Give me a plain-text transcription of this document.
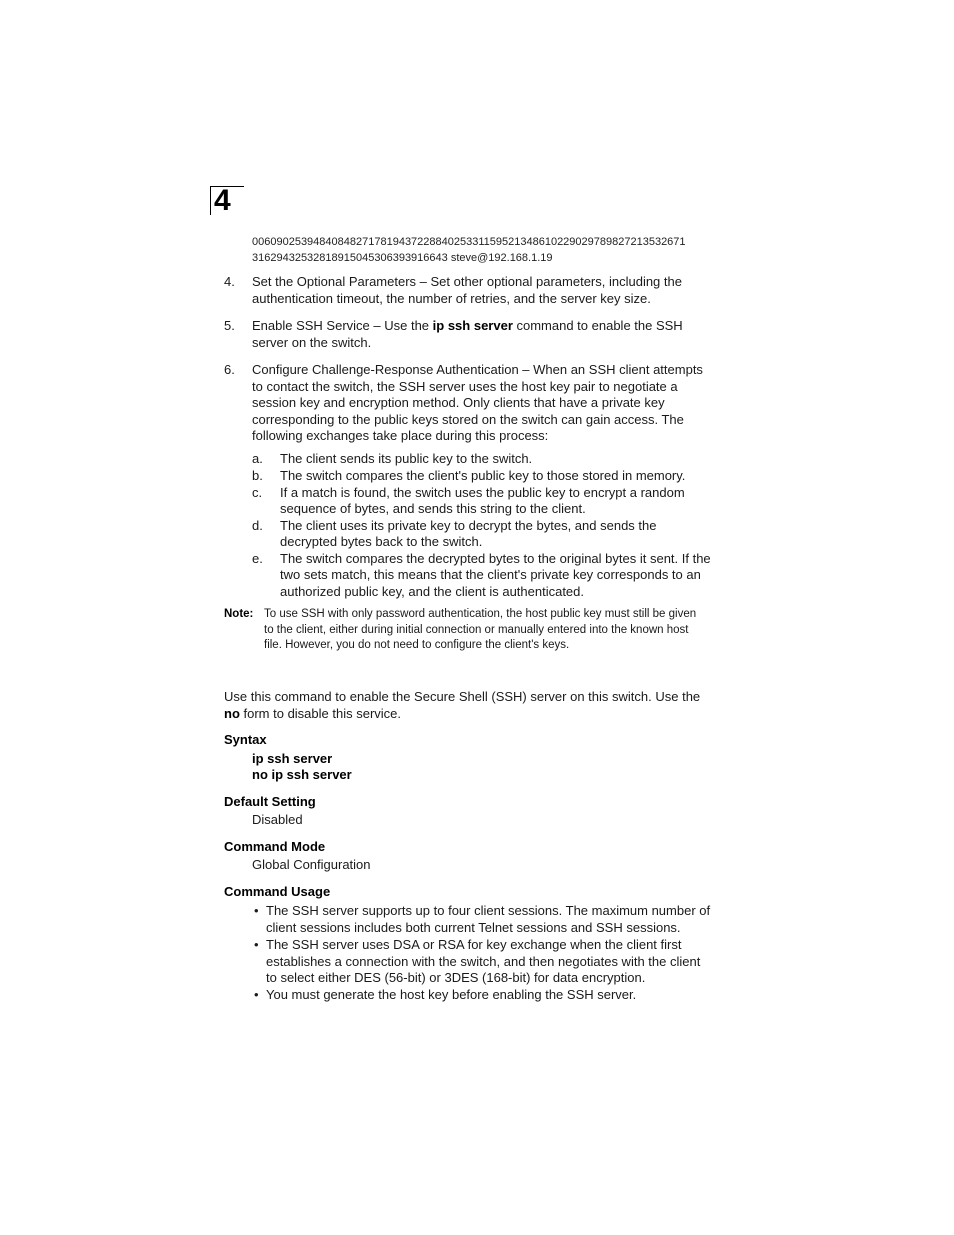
4
00609025394840848271781943722884025331159521348610229029789827213532671
31629432532818915045306393916643 steve@192.168.1.19
4. Set the Optional Parameters – Set other optional parameters, including the authentication timeout, the number of retries, and the server key size.
5. Enable SSH Service – Use the ip ssh server command to enable the SSH server on the switch.
6. Configure Challenge-Response Authentication – When an SSH client attempts to contact the switch, the SSH server uses the host key pair to negotiate a session key and encryption method. Only clients that have a private key corresponding to the public keys stored on the switch can gain access. The following exchanges take place during this process:
a. The client sends its public key to the switch.
b. The switch compares the client's public key to those stored in memory.
c. If a match is found, the switch uses the public key to encrypt a random sequence of bytes, and sends this string to the client.
d. The client uses its private key to decrypt the bytes, and sends the decrypted bytes back to the switch.
e. The switch compares the decrypted bytes to the original bytes it sent. If the two sets match, this means that the client's private key corresponds to an authorized public key, and the client is authenticated.
Note: To use SSH with only password authentication, the host public key must still be given to the client, either during initial connection or manually entered into the known host file. However, you do not need to configure the client's keys.
Use this command to enable the Secure Shell (SSH) server on this switch. Use the no form to disable this service.
Syntax
ip ssh server
no ip ssh server
Default Setting
Disabled
Command Mode
Global Configuration
Command Usage
• The SSH server supports up to four client sessions. The maximum number of client sessions includes both current Telnet sessions and SSH sessions.
• The SSH server uses DSA or RSA for key exchange when the client first establishes a connection with the switch, and then negotiates with the client to select either DES (56-bit) or 3DES (168-bit) for data encryption.
• You must generate the host key before enabling the SSH server.
